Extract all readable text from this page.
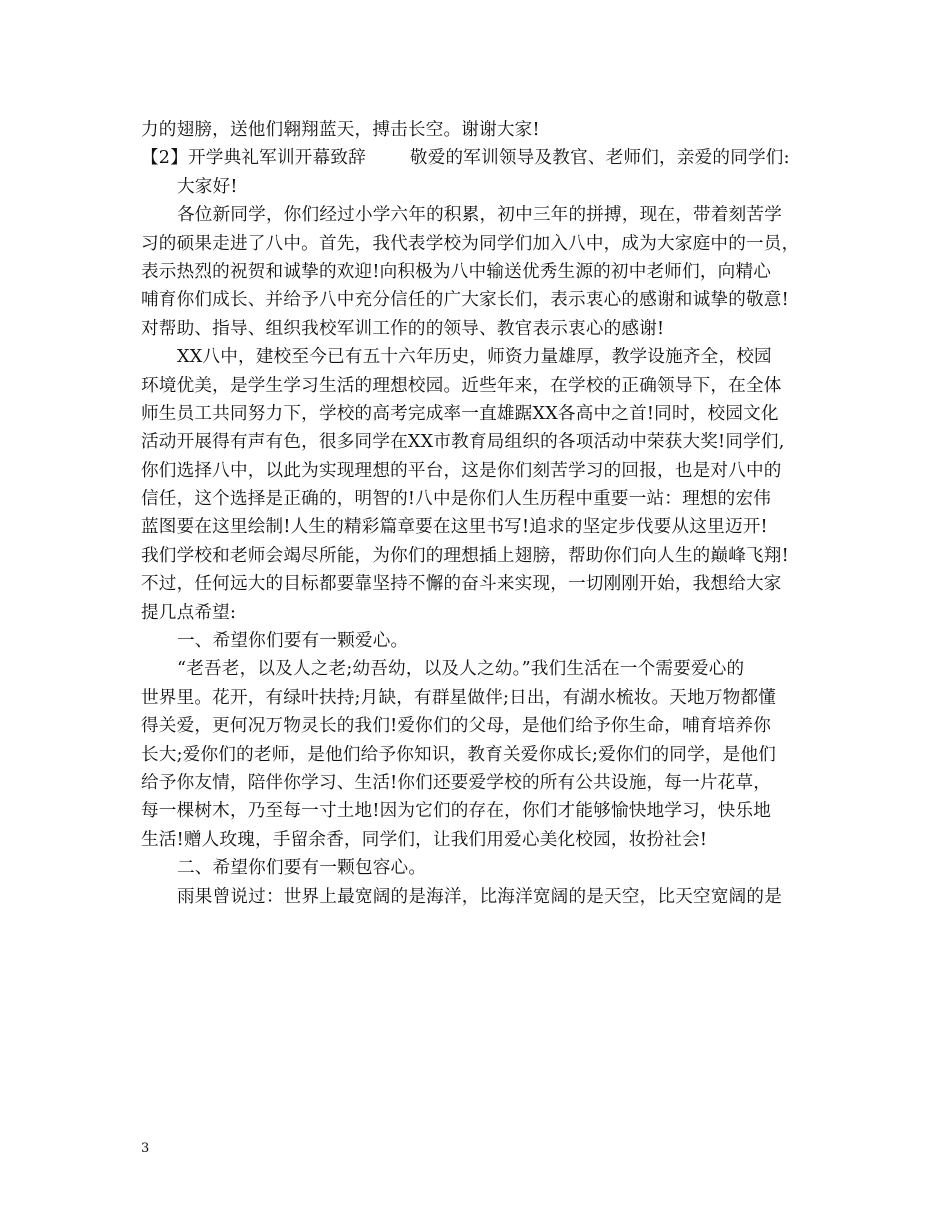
力的翅膀，送他们翱翔蓝天，搏击长空。谢谢大家!
【2】开学典礼军训开幕致辞	敬爱的军训领导及教官、老师们，亲爱的同学们:
大家好!
各位新同学，你们经过小学六年的积累，初中三年的拼搏，现在，带着刻苦学
习的硕果走进了八中。首先，我代表学校为同学们加入八中，成为大家庭中的一员，
表示热烈的祝贺和诚挚的欢迎!向积极为八中输送优秀生源的初中老师们，向精心
哺育你们成长、并给予八中充分信任的广大家长们，表示衷心的感谢和诚挚的敬意!
对帮助、指导、组织我校军训工作的的领导、教官表示衷心的感谢!
XX八中，建校至今已有五十六年历史，师资力量雄厚，教学设施齐全，校园
环境优美，是学生学习生活的理想校园。近些年来，在学校的正确领导下，在全体
师生员工共同努力下，学校的高考完成率一直雄踞XX各高中之首!同时，校园文化
活动开展得有声有色，很多同学在XX市教育局组织的各项活动中荣获大奖!同学们,
你们选择八中，以此为实现理想的平台，这是你们刻苦学习的回报，也是对八中的
信任，这个选择是正确的，明智的!八中是你们人生历程中重要一站：理想的宏伟
蓝图要在这里绘制!人生的精彩篇章要在这里书写!追求的坚定步伐要从这里迈开!
我们学校和老师会竭尽所能，为你们的理想插上翅膀，帮助你们向人生的巅峰飞翔!
不过，任何远大的目标都要靠坚持不懈的奋斗来实现，一切刚刚开始，我想给大家
提几点希望:
一、希望你们要有一颗爱心。
“老吾老，以及人之老;幼吾幼，以及人之幼。”我们生活在一个需要爱心的
世界里。花开，有绿叶扶持;月缺，有群星做伴;日出，有湖水梳妆。天地万物都懂
得关爱，更何况万物灵长的我们!爱你们的父母，是他们给予你生命，哺育培养你
长大;爱你们的老师，是他们给予你知识，教育关爱你成长;爱你们的同学，是他们
给予你友情，陪伴你学习、生活!你们还要爱学校的所有公共设施，每一片花草，
每一棵树木，乃至每一寸土地!因为它们的存在，你们才能够愉快地学习，快乐地
生活!赠人玫瑰，手留余香，同学们，让我们用爱心美化校园，妆扮社会!
二、希望你们要有一颗包容心。
雨果曾说过：世界上最宽阔的是海洋，比海洋宽阔的是天空，比天空宽阔的是
3
